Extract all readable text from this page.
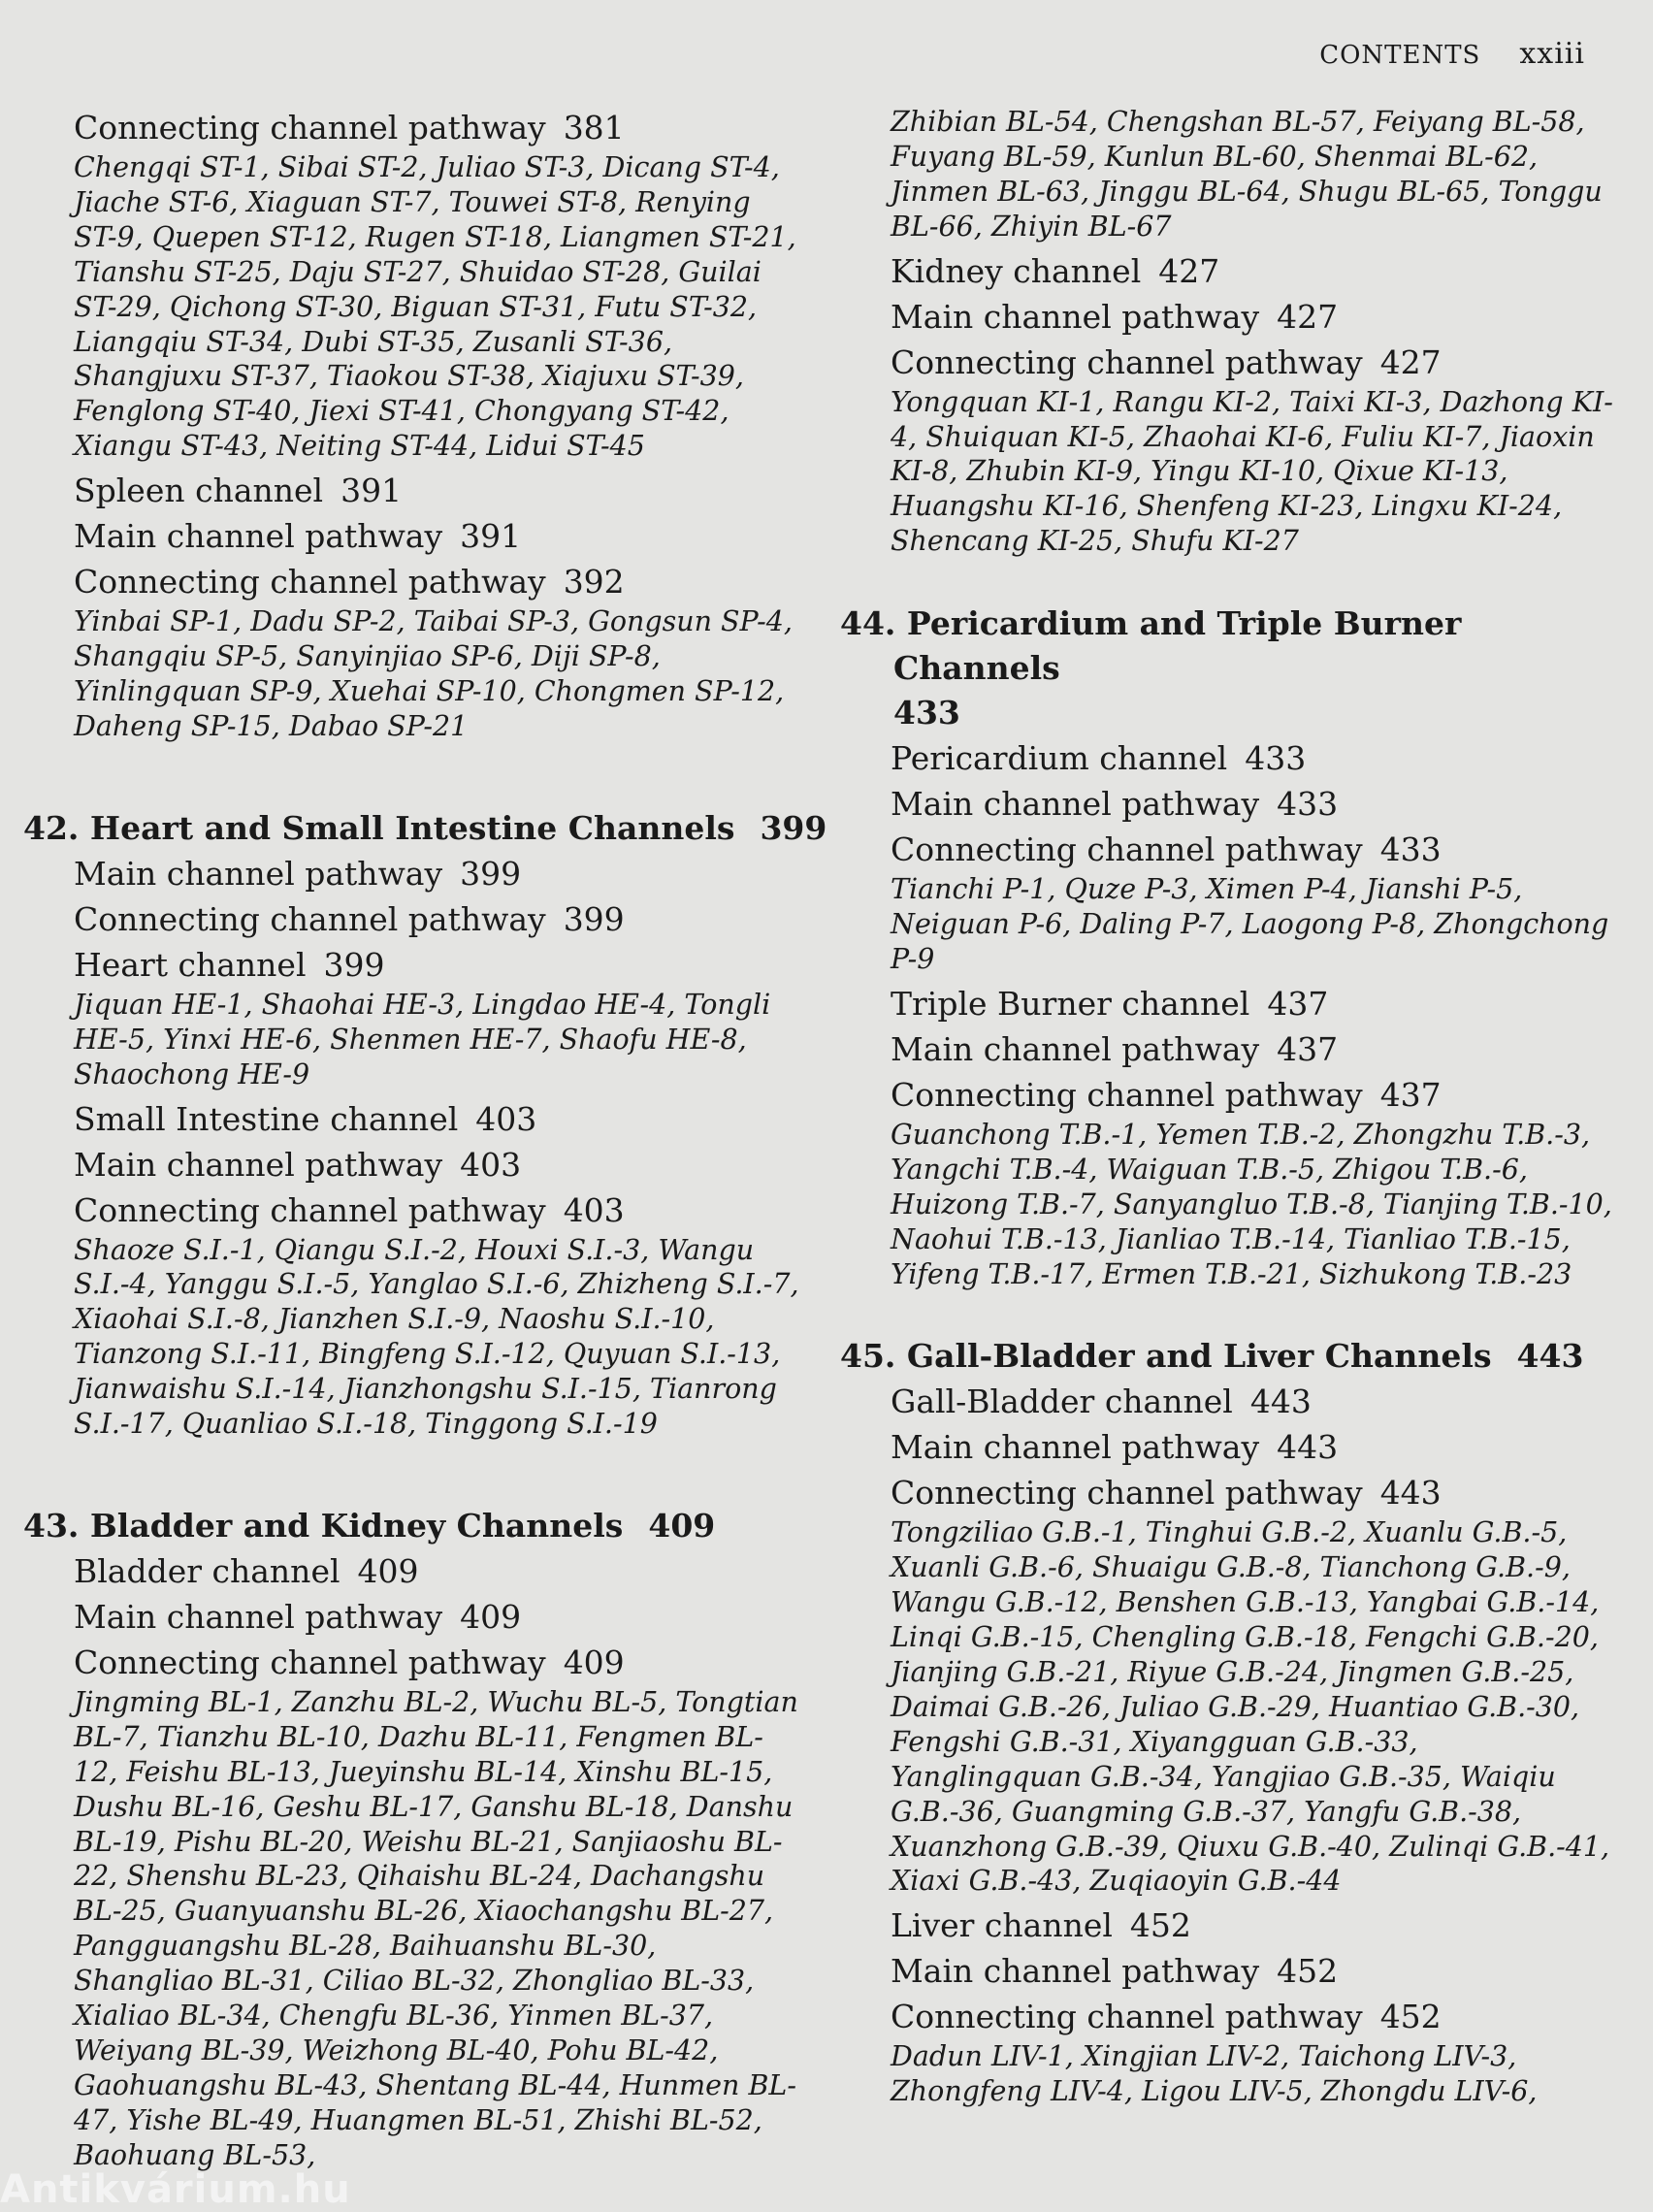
CONTENTS xxiii
Connecting channel pathway 381
Chengqi ST-1, Sibai ST-2, Juliao ST-3, Dicang ST-4, Jiache ST-6, Xiaguan ST-7, Touwei ST-8, Renying ST-9, Quepen ST-12, Rugen ST-18, Liangmen ST-21, Tianshu ST-25, Daju ST-27, Shuidao ST-28, Guilai ST-29, Qichong ST-30, Biguan ST-31, Futu ST-32, Liangqiu ST-34, Dubi ST-35, Zusanli ST-36, Shangjuxu ST-37, Tiaokou ST-38, Xiajuxu ST-39, Fenglong ST-40, Jiexi ST-41, Chongyang ST-42, Xiangu ST-43, Neiting ST-44, Lidui ST-45
Spleen channel 391
Main channel pathway 391
Connecting channel pathway 392
Yinbai SP-1, Dadu SP-2, Taibai SP-3, Gongsun SP-4, Shangqiu SP-5, Sanyinjiao SP-6, Diji SP-8, Yinlingquan SP-9, Xuehai SP-10, Chongmen SP-12, Daheng SP-15, Dabao SP-21
42. Heart and Small Intestine Channels 399
Main channel pathway 399
Connecting channel pathway 399
Heart channel 399
Jiquan HE-1, Shaohai HE-3, Lingdao HE-4, Tongli HE-5, Yinxi HE-6, Shenmen HE-7, Shaofu HE-8, Shaochong HE-9
Small Intestine channel 403
Main channel pathway 403
Connecting channel pathway 403
Shaoze S.I.-1, Qiangu S.I.-2, Houxi S.I.-3, Wangu S.I.-4, Yanggu S.I.-5, Yanglao S.I.-6, Zhizheng S.I.-7, Xiaohai S.I.-8, Jianzhen S.I.-9, Naoshu S.I.-10, Tianzong S.I.-11, Bingfeng S.I.-12, Quyuan S.I.-13, Jianwaishu S.I.-14, Jianzhongshu S.I.-15, Tianrong S.I.-17, Quanliao S.I.-18, Tinggong S.I.-19
43. Bladder and Kidney Channels 409
Bladder channel 409
Main channel pathway 409
Connecting channel pathway 409
Jingming BL-1, Zanzhu BL-2, Wuchu BL-5, Tongtian BL-7, Tianzhu BL-10, Dazhu BL-11, Fengmen BL-12, Feishu BL-13, Jueyinshu BL-14, Xinshu BL-15, Dushu BL-16, Geshu BL-17, Ganshu BL-18, Danshu BL-19, Pishu BL-20, Weishu BL-21, Sanjiaoshu BL-22, Shenshu BL-23, Qihaishu BL-24, Dachangshu BL-25, Guanyuanshu BL-26, Xiaochangshu BL-27, Pangguangshu BL-28, Baihuanshu BL-30, Shangliao BL-31, Ciliao BL-32, Zhongliao BL-33, Xialiao BL-34, Chengfu BL-36, Yinmen BL-37, Weiyang BL-39, Weizhong BL-40, Pohu BL-42, Gaohuangshu BL-43, Shentang BL-44, Hunmen BL-47, Yishe BL-49, Huangmen BL-51, Zhishi BL-52, Baohuang BL-53,
Zhibian BL-54, Chengshan BL-57, Feiyang BL-58, Fuyang BL-59, Kunlun BL-60, Shenmai BL-62, Jinmen BL-63, Jinggu BL-64, Shugu BL-65, Tonggu BL-66, Zhiyin BL-67
Kidney channel 427
Main channel pathway 427
Connecting channel pathway 427
Yongquan KI-1, Rangu KI-2, Taixi KI-3, Dazhong KI-4, Shuiquan KI-5, Zhaohai KI-6, Fuliu KI-7, Jiaoxin KI-8, Zhubin KI-9, Yingu KI-10, Qixue KI-13, Huangshu KI-16, Shenfeng KI-23, Lingxu KI-24, Shencang KI-25, Shufu KI-27
44. Pericardium and Triple Burner Channels
433
Pericardium channel 433
Main channel pathway 433
Connecting channel pathway 433
Tianchi P-1, Quze P-3, Ximen P-4, Jianshi P-5, Neiguan P-6, Daling P-7, Laogong P-8, Zhongchong P-9
Triple Burner channel 437
Main channel pathway 437
Connecting channel pathway 437
Guanchong T.B.-1, Yemen T.B.-2, Zhongzhu T.B.-3, Yangchi T.B.-4, Waiguan T.B.-5, Zhigou T.B.-6, Huizong T.B.-7, Sanyangluo T.B.-8, Tianjing T.B.-10, Naohui T.B.-13, Jianliao T.B.-14, Tianliao T.B.-15, Yifeng T.B.-17, Ermen T.B.-21, Sizhukong T.B.-23
45. Gall-Bladder and Liver Channels 443
Gall-Bladder channel 443
Main channel pathway 443
Connecting channel pathway 443
Tongziliao G.B.-1, Tinghui G.B.-2, Xuanlu G.B.-5, Xuanli G.B.-6, Shuaigu G.B.-8, Tianchong G.B.-9, Wangu G.B.-12, Benshen G.B.-13, Yangbai G.B.-14, Linqi G.B.-15, Chengling G.B.-18, Fengchi G.B.-20, Jianjing G.B.-21, Riyue G.B.-24, Jingmen G.B.-25, Daimai G.B.-26, Juliao G.B.-29, Huantiao G.B.-30, Fengshi G.B.-31, Xiyangguan G.B.-33, Yanglingquan G.B.-34, Yangjiao G.B.-35, Waiqiu G.B.-36, Guangming G.B.-37, Yangfu G.B.-38, Xuanzhong G.B.-39, Qiuxu G.B.-40, Zulinqi G.B.-41, Xiaxi G.B.-43, Zuqiaoyin G.B.-44
Liver channel 452
Main channel pathway 452
Connecting channel pathway 452
Dadun LIV-1, Xingjian LIV-2, Taichong LIV-3, Zhongfeng LIV-4, Ligou LIV-5, Zhongdu LIV-6,
Antikvárium.hu
